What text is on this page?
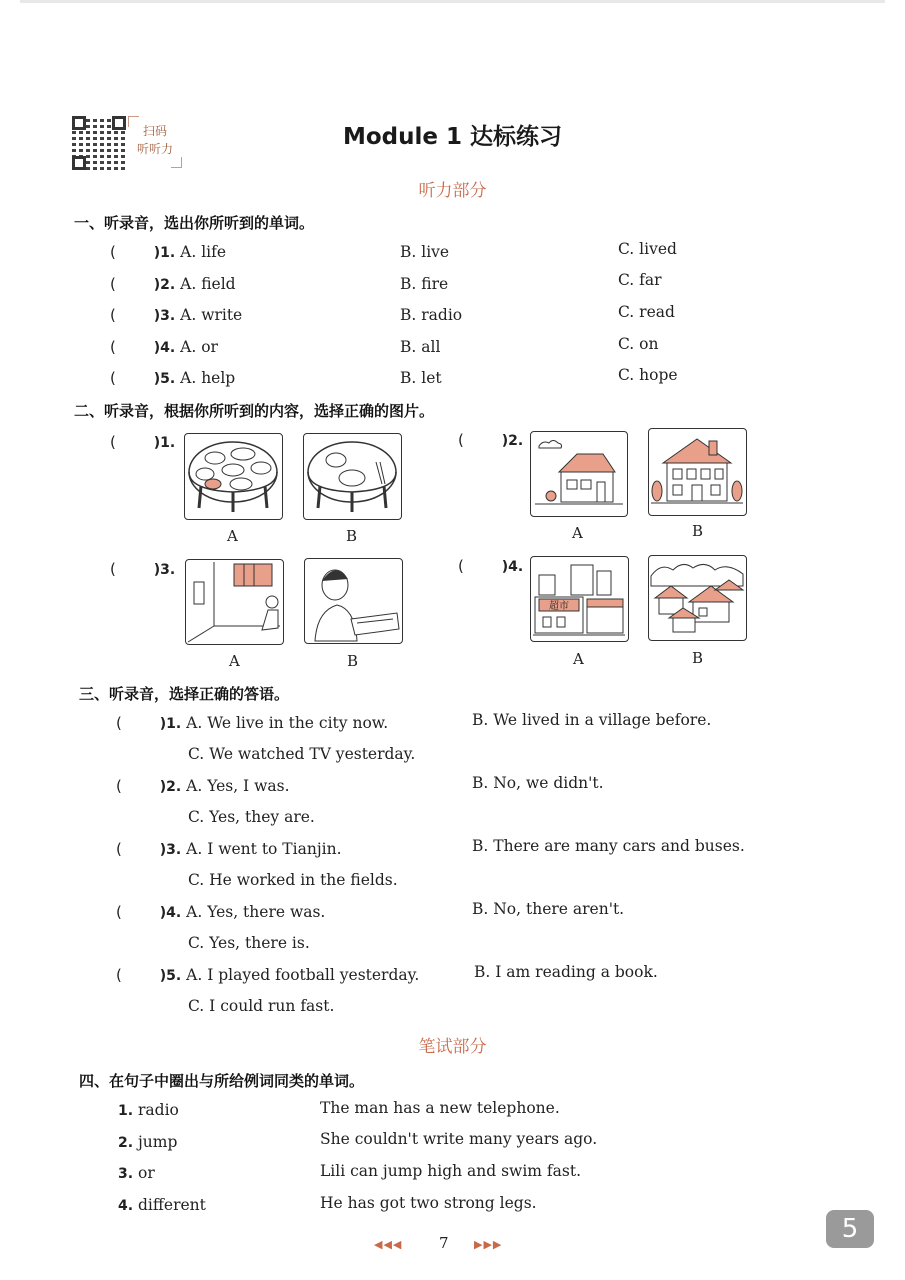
扫码
听听力	Module 1 达标练习
听力部分
一、听录音，选出你所听到的单词。
(	)1. A. life	B. live	C. lived
(	)2. A. field	B. fire	C. far
(	)3. A. write	B. radio	C. read
(	)4. A. or	B. all	C. on
(	)5. A. help	B. let	C. hope
二、听录音，根据你所听到的内容，选择正确的图片。
(	)1.
A	B
(	)2.
A	B
(	)3.
A	B
(	)4.
超市
A	B
三、听录音，选择正确的答语。
(	)1. A. We live in the city now.	B. We lived in a village before.
C. We watched TV yesterday.
(	)2. A. Yes, I was.	B. No, we didn't.
C. Yes, they are.
(	)3. A. I went to Tianjin.	B. There are many cars and buses.
C. He worked in the fields.
(	)4. A. Yes, there was.	B. No, there aren't.
C. Yes, there is.
(	)5. A. I played football yesterday.	B. I am reading a book.
C. I could run fast.
笔试部分
四、在句子中圈出与所给例词同类的单词。
1. radio	The man has a new telephone.
2. jump	She couldn't write many years ago.
3. or	Lili can jump high and swim fast.
4. different	He has got two strong legs.
◀◀◀ 7 ▶▶▶
5
